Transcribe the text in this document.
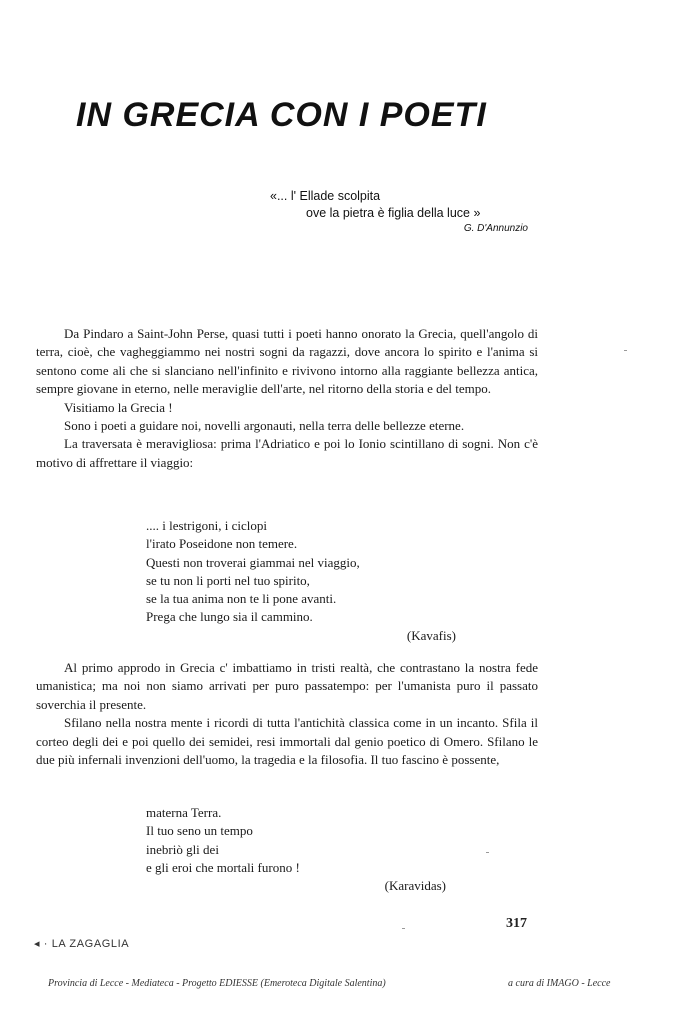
IN GRECIA CON I POETI
«... l' Ellade scolpita
ove la pietra è figlia della luce »
G. D'Annunzio

Da Pindaro a Saint-John Perse, quasi tutti i poeti hanno onorato la Grecia, quell'angolo di terra, cioè, che vagheggiammo nei nostri sogni da ragazzi, dove ancora lo spirito e l'anima si sentono come ali che si slanciano nell'infinito e rivivono intorno alla raggiante bellezza antica, sempre giovane in eterno, nelle meraviglie dell'arte, nel ritorno della storia e del tempo.

Visitiamo la Grecia !

Sono i poeti a guidare noi, novelli argonauti, nella terra delle bellezze eterne.

La traversata è meravigliosa: prima l'Adriatico e poi lo Ionio scintillano di sogni. Non c'è motivo di affrettare il viaggio:

.... i lestrigoni, i ciclopi
l'irato Poseidone non temere.
Questi non troverai giammai nel viaggio,
se tu non li porti nel tuo spirito,
se la tua anima non te li pone avanti.
Prega che lungo sia il cammino.
(Kavafis)

Al primo approdo in Grecia c' imbattiamo in tristi realtà, che contrastano la nostra fede umanistica; ma noi non siamo arrivati per puro passatempo: per l'umanista puro il passato soverchia il presente.

Sfilano nella nostra mente i ricordi di tutta l'antichità classica come in un incanto. Sfila il corteo degli dei e poi quello dei semidei, resi immortali dal genio poetico di Omero. Sfilano le due più infernali invenzioni dell'uomo, la tragedia e la filosofia. Il tuo fascino è possente,

materna Terra.
Il tuo seno un tempo
inebriò gli dei
e gli eroi che mortali furono !
(Karavidas)
317
◂ · LA ZAGAGLIA
Provincia di Lecce - Mediateca - Progetto EDIESSE (Emeroteca Digitale Salentina)	a cura di IMAGO - Lecce
